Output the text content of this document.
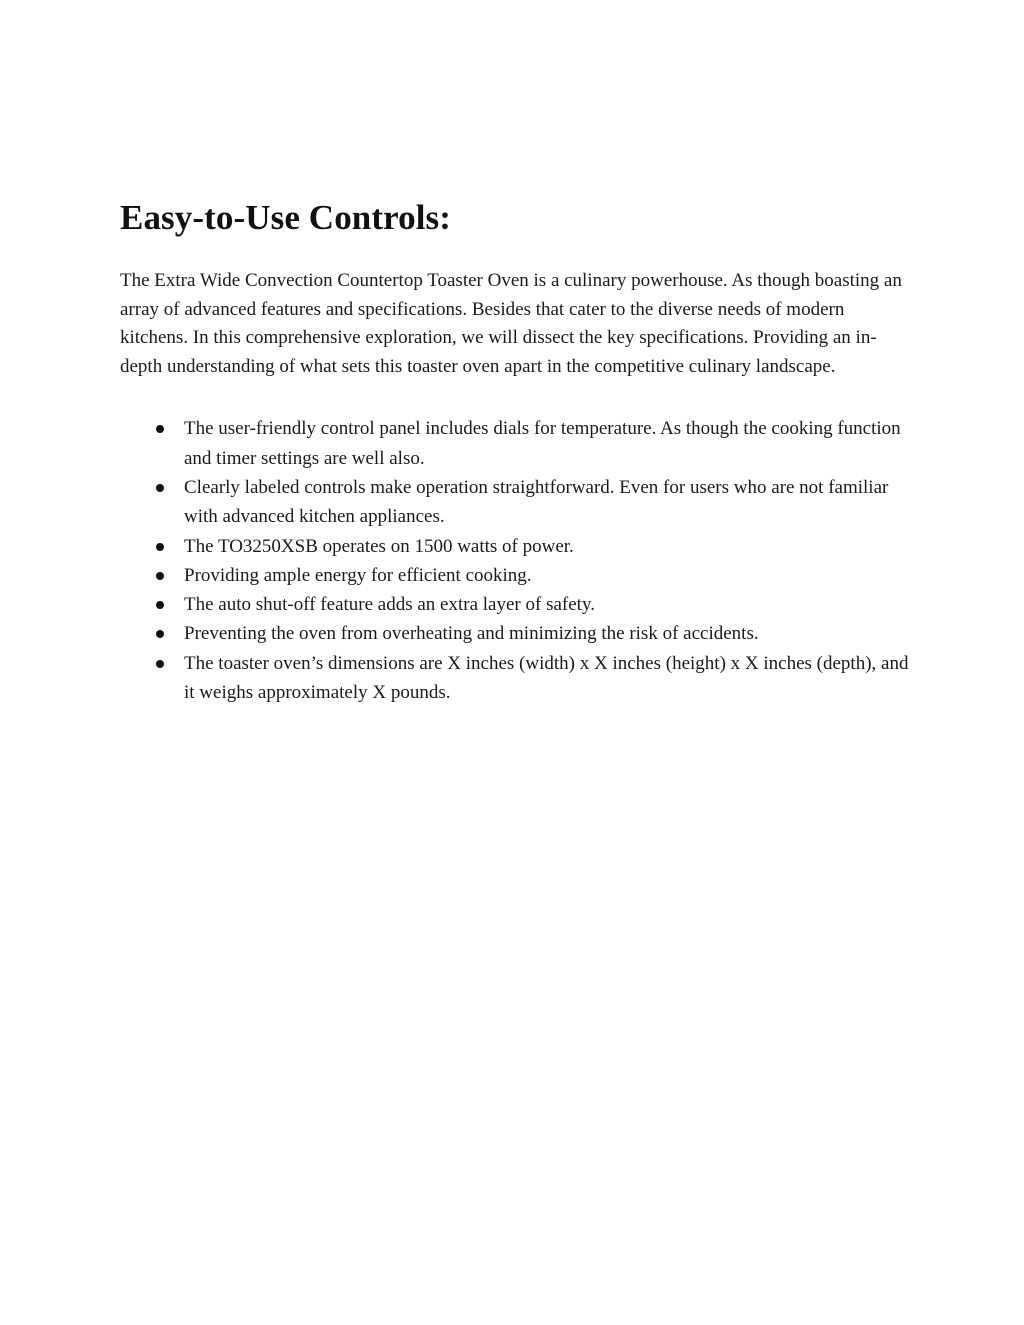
Easy-to-Use Controls:

The Extra Wide Convection Countertop Toaster Oven is a culinary powerhouse. As though boasting an array of advanced features and specifications. Besides that cater to the diverse needs of modern kitchens. In this comprehensive exploration, we will dissect the key specifications. Providing an in-depth understanding of what sets this toaster oven apart in the competitive culinary landscape.

The user-friendly control panel includes dials for temperature. As though the cooking function and timer settings are well also.
Clearly labeled controls make operation straightforward. Even for users who are not familiar with advanced kitchen appliances.
The TO3250XSB operates on 1500 watts of power.
Providing ample energy for efficient cooking.
The auto shut-off feature adds an extra layer of safety.
Preventing the oven from overheating and minimizing the risk of accidents.
The toaster oven’s dimensions are X inches (width) x X inches (height) x X inches (depth), and it weighs approximately X pounds.
